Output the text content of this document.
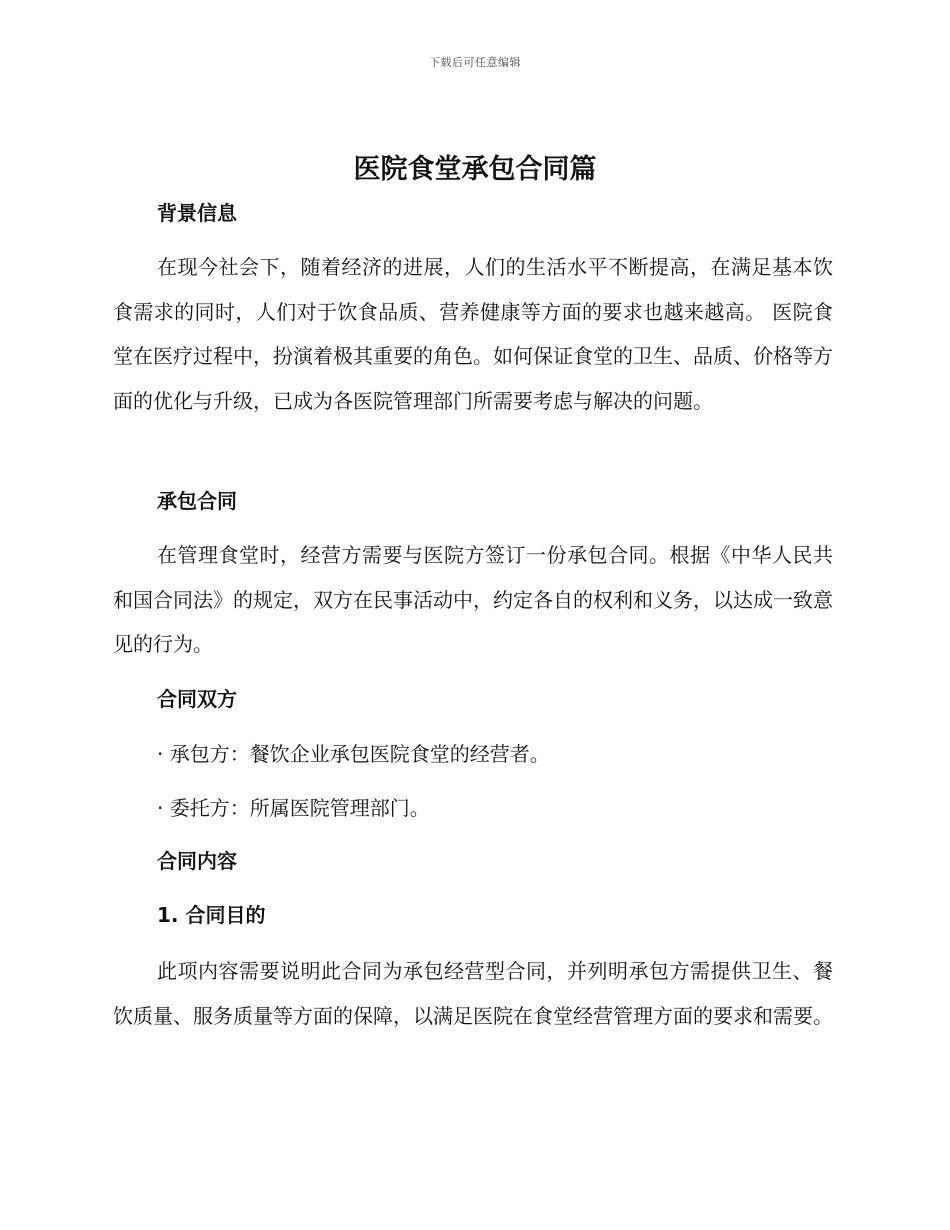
下载后可任意编辑
医院食堂承包合同篇
背景信息

在现今社会下，随着经济的进展，人们的生活水平不断提高，在满足基本饮食需求的同时，人们对于饮食品质、营养健康等方面的要求也越来越高。 医院食堂在医疗过程中，扮演着极其重要的角色。如何保证食堂的卫生、品质、价格等方面的优化与升级，已成为各医院管理部门所需要考虑与解决的问题。

承包合同

在管理食堂时，经营方需要与医院方签订一份承包合同。根据《中华人民共和国合同法》的规定，双方在民事活动中，约定各自的权利和义务，以达成一致意见的行为。

合同双方

· 承包方：餐饮企业承包医院食堂的经营者。

· 委托方：所属医院管理部门。

合同内容
1. 合同目的

此项内容需要说明此合同为承包经营型合同，并列明承包方需提供卫生、餐饮质量、服务质量等方面的保障，以满足医院在食堂经营管理方面的要求和需要。
